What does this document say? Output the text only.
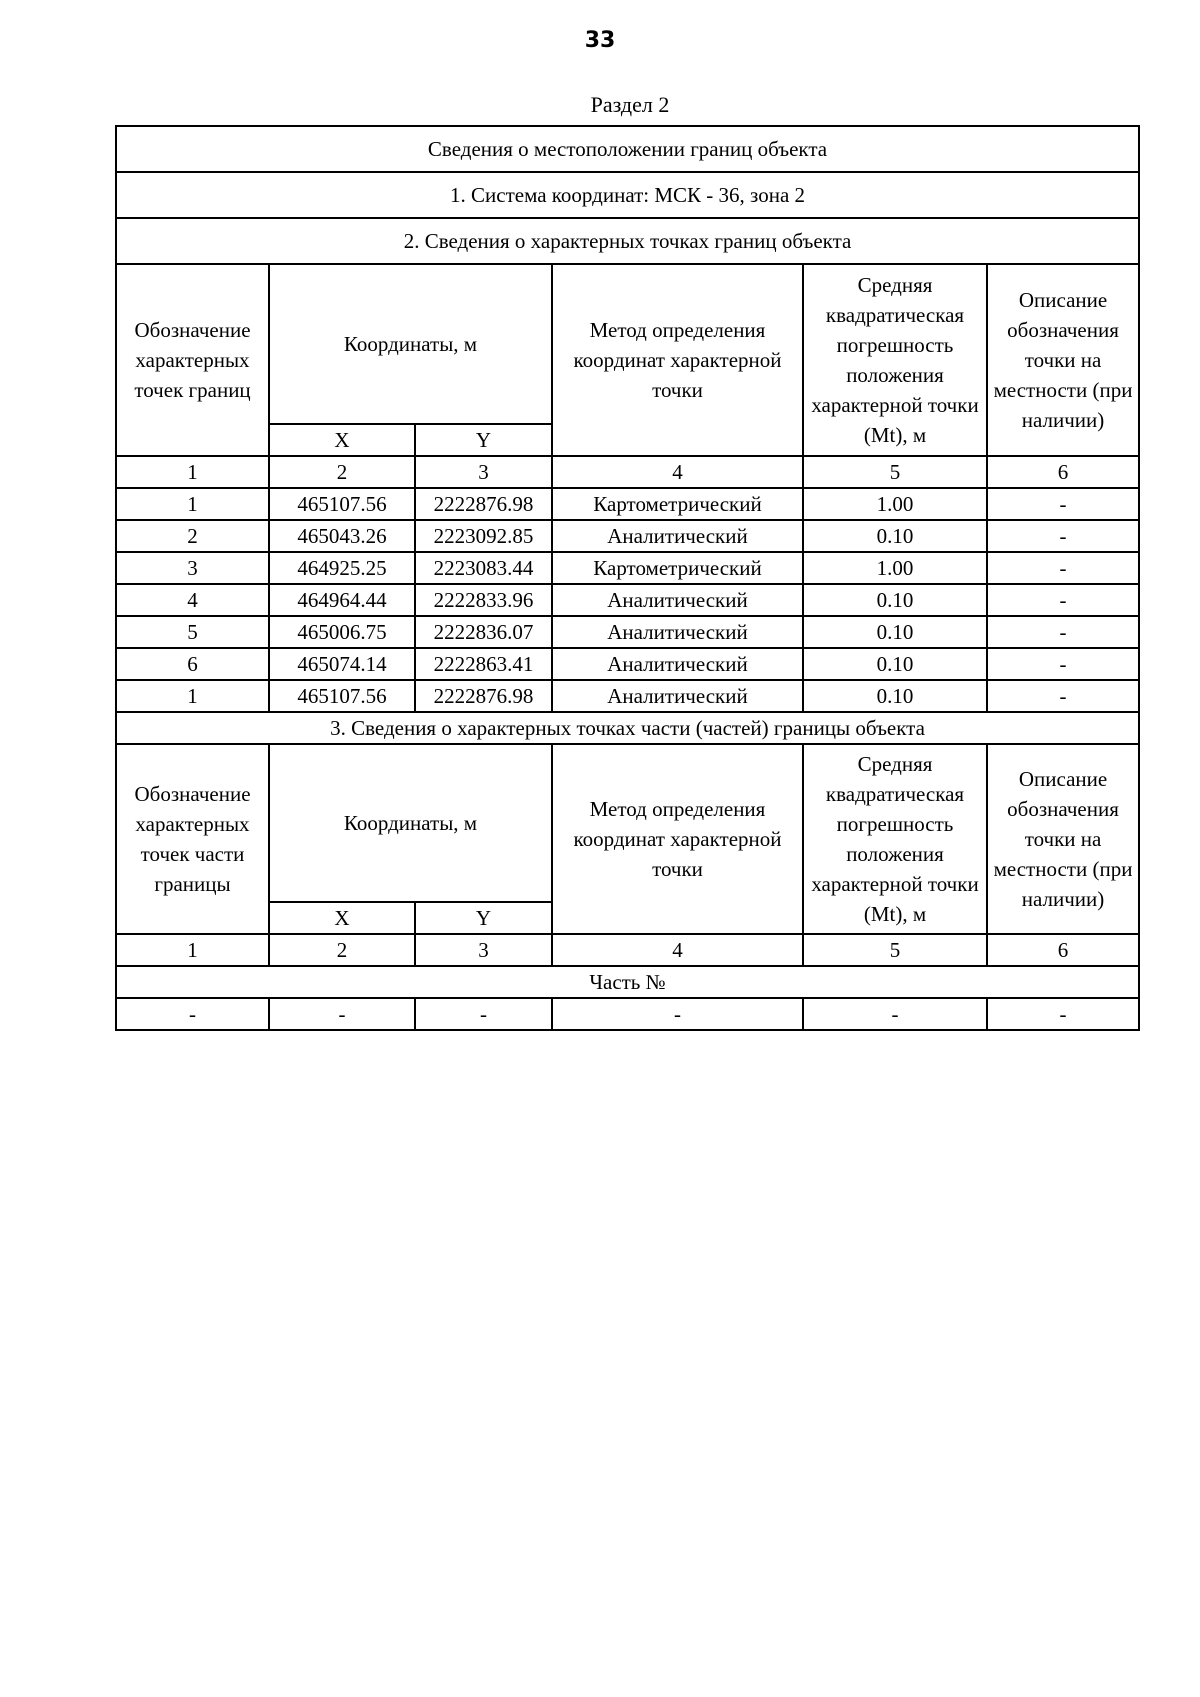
33
Раздел 2
Сведения о местоположении границ объекта					
1. Система координат: МСК - 36, зона 2					
2. Сведения о характерных точках границ объекта					
Обозначение характерных точек границ	Координаты, м		Метод определения координат характерной точки	Средняя квадратическая погрешность положения характерной точки (Mt), м	Описание обозначения точки на местности (при наличии)
	X	Y			
1	2	3	4	5	6
1	465107.56	2222876.98	Картометрический	1.00	-
2	465043.26	2223092.85	Аналитический	0.10	-
3	464925.25	2223083.44	Картометрический	1.00	-
4	464964.44	2222833.96	Аналитический	0.10	-
5	465006.75	2222836.07	Аналитический	0.10	-
6	465074.14	2222863.41	Аналитический	0.10	-
1	465107.56	2222876.98	Аналитический	0.10	-
3. Сведения о характерных точках части (частей) границы объекта					
Обозначение характерных точек части границы	Координаты, м		Метод определения координат характерной точки	Средняя квадратическая погрешность положения характерной точки (Mt), м	Описание обозначения точки на местности (при наличии)
	X	Y			
1	2	3	4	5	6
Часть №					
-	-	-	-	-	-
